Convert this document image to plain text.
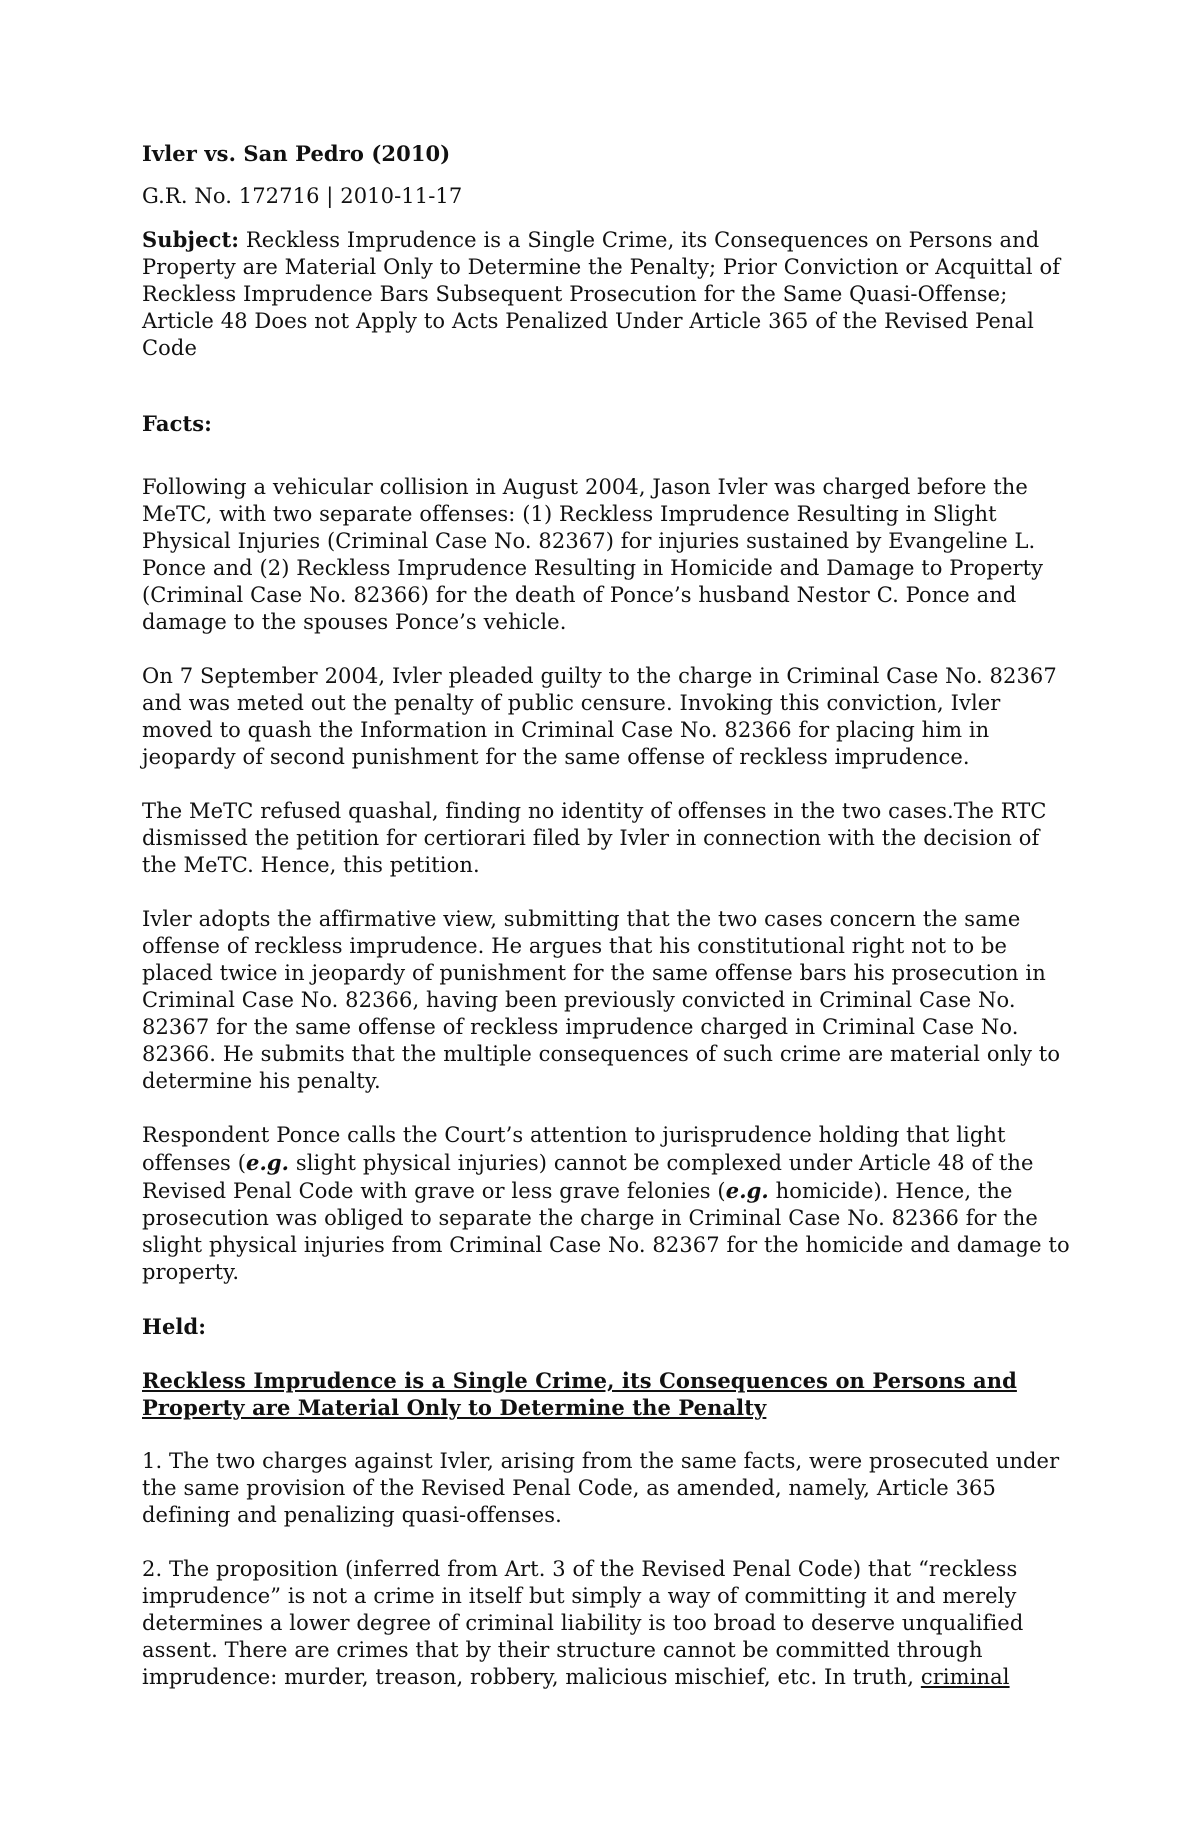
Ivler vs. San Pedro (2010)

G.R. No. 172716 | 2010-11-17

Subject: Reckless Imprudence is a Single Crime, its Consequences on Persons and Property are Material Only to Determine the Penalty; Prior Conviction or Acquittal of Reckless Imprudence Bars Subsequent Prosecution for the Same Quasi-Offense; Article 48 Does not Apply to Acts Penalized Under Article 365 of the Revised Penal Code

Facts:

Following a vehicular collision in August 2004, Jason Ivler was charged before the MeTC, with two separate offenses: (1) Reckless Imprudence Resulting in Slight Physical Injuries (Criminal Case No. 82367) for injuries sustained by Evangeline L. Ponce and (2) Reckless Imprudence Resulting in Homicide and Damage to Property (Criminal Case No. 82366) for the death of Ponce’s husband Nestor C. Ponce and damage to the spouses Ponce’s vehicle.

On 7 September 2004, Ivler pleaded guilty to the charge in Criminal Case No. 82367 and was meted out the penalty of public censure. Invoking this conviction, Ivler moved to quash the Information in Criminal Case No. 82366 for placing him in jeopardy of second punishment for the same offense of reckless imprudence.

The MeTC refused quashal, finding no identity of offenses in the two cases.The RTC dismissed the petition for certiorari filed by Ivler in connection with the decision of the MeTC. Hence, this petition.

Ivler adopts the affirmative view, submitting that the two cases concern the same offense of reckless imprudence. He argues that his constitutional right not to be placed twice in jeopardy of punishment for the same offense bars his prosecution in Criminal Case No. 82366, having been previously convicted in Criminal Case No. 82367 for the same offense of reckless imprudence charged in Criminal Case No. 82366. He submits that the multiple consequences of such crime are material only to determine his penalty.

Respondent Ponce calls the Court’s attention to jurisprudence holding that light offenses (e.g. slight physical injuries) cannot be complexed under Article 48 of the Revised Penal Code with grave or less grave felonies (e.g. homicide). Hence, the prosecution was obliged to separate the charge in Criminal Case No. 82366 for the slight physical injuries from Criminal Case No. 82367 for the homicide and damage to property.

Held:

Reckless Imprudence is a Single Crime, its Consequences on Persons and Property are Material Only to Determine the Penalty

1. The two charges against Ivler, arising from the same facts, were prosecuted under the same provision of the Revised Penal Code, as amended, namely, Article 365 defining and penalizing quasi-offenses.

2. The proposition (inferred from Art. 3 of the Revised Penal Code) that “reckless imprudence” is not a crime in itself but simply a way of committing it and merely determines a lower degree of criminal liability is too broad to deserve unqualified assent. There are crimes that by their structure cannot be committed through imprudence: murder, treason, robbery, malicious mischief, etc. In truth, criminal
